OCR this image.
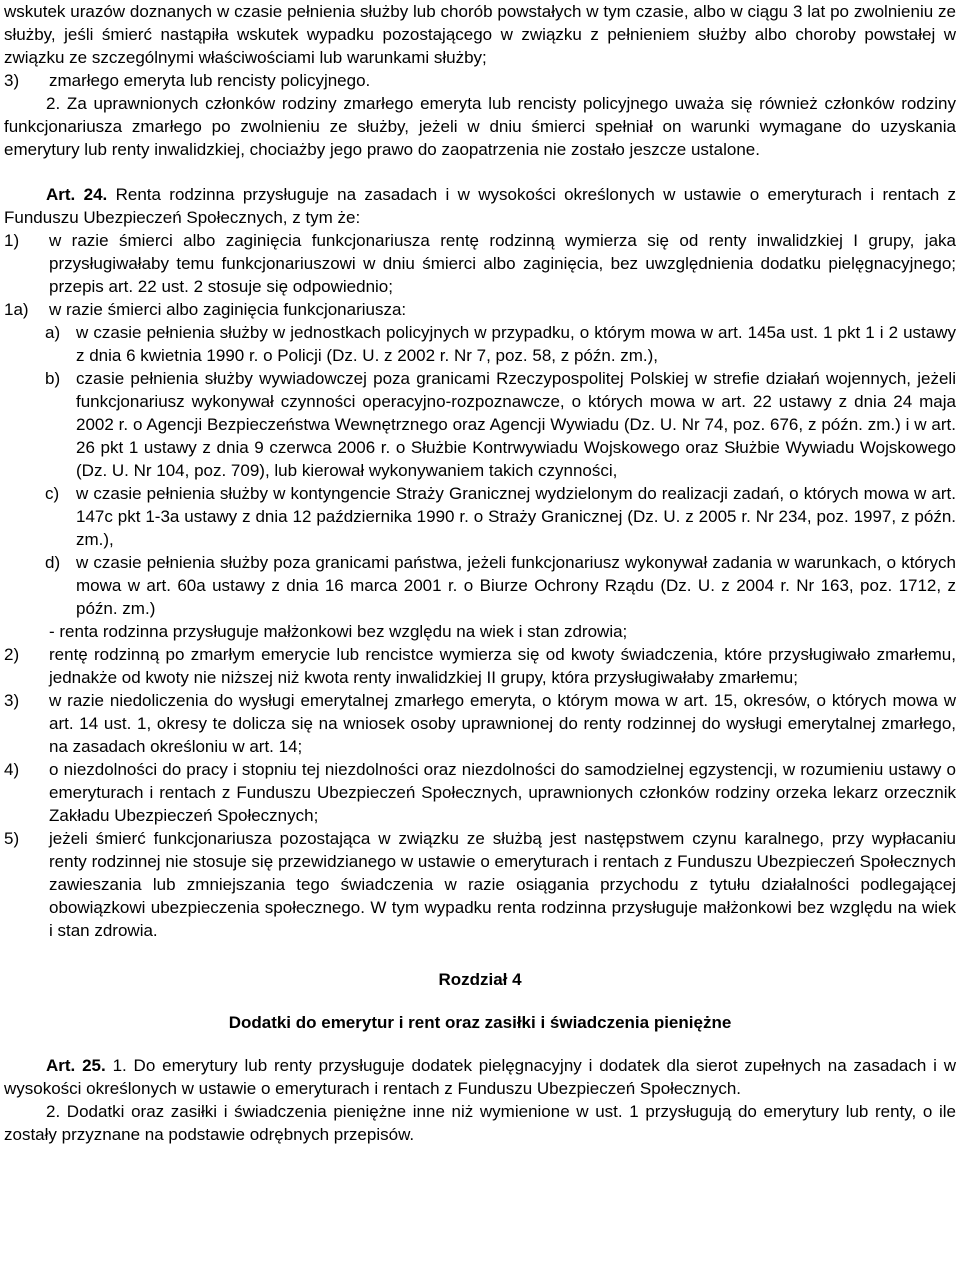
wskutek urazów doznanych w czasie pełnienia służby lub chorób powstałych w tym czasie, albo w ciągu 3 lat po zwolnieniu ze służby, jeśli śmierć nastąpiła wskutek wypadku pozostającego w związku z pełnieniem służby albo choroby powstałej w związku ze szczególnymi właściwościami lub warunkami służby;

3)	zmarłego emeryta lub rencisty policyjnego.

2. Za uprawnionych członków rodziny zmarłego emeryta lub rencisty policyjnego uważa się również członków rodziny funkcjonariusza zmarłego po zwolnieniu ze służby, jeżeli w dniu śmierci spełniał on warunki wymagane do uzyskania emerytury lub renty inwalidzkiej, chociażby jego prawo do zaopatrzenia nie zostało jeszcze ustalone.

Art. 24. Renta rodzinna przysługuje na zasadach i w wysokości określonych w ustawie o emeryturach i rentach z Funduszu Ubezpieczeń Społecznych, z tym że:

1)	w razie śmierci albo zaginięcia funkcjonariusza rentę rodzinną wymierza się od renty inwalidzkiej I grupy, jaka przysługiwałaby temu funkcjonariuszowi w dniu śmierci albo zaginięcia, bez uwzględnienia dodatku pielęgnacyjnego; przepis art. 22 ust. 2 stosuje się odpowiednio;
1a)	w razie śmierci albo zaginięcia funkcjonariusza:
a) w czasie pełnienia służby w jednostkach policyjnych w przypadku, o którym mowa w art. 145a ust. 1 pkt 1 i 2 ustawy z dnia 6 kwietnia 1990 r. o Policji (Dz. U. z 2002 r. Nr 7, poz. 58, z późn. zm.),
b) czasie pełnienia służby wywiadowczej poza granicami Rzeczypospolitej Polskiej w strefie działań wojennych, jeżeli funkcjonariusz wykonywał czynności operacyjno-rozpoznawcze, o których mowa w art. 22 ustawy z dnia 24 maja 2002 r. o Agencji Bezpieczeństwa Wewnętrznego oraz Agencji Wywiadu (Dz. U. Nr 74, poz. 676, z późn. zm.) i w art. 26 pkt 1 ustawy z dnia 9 czerwca 2006 r. o Służbie Kontrwywiadu Wojskowego oraz Służbie Wywiadu Wojskowego (Dz. U. Nr 104, poz. 709), lub kierował wykonywaniem takich czynności,
c) w czasie pełnienia służby w kontyngencie Straży Granicznej wydzielonym do realizacji zadań, o których mowa w art. 147c pkt 1-3a ustawy z dnia 12 października 1990 r. o Straży Granicznej (Dz. U. z 2005 r. Nr 234, poz. 1997, z późn. zm.),
d) w czasie pełnienia służby poza granicami państwa, jeżeli funkcjonariusz wykonywał zadania w warunkach, o których mowa w art. 60a ustawy z dnia 16 marca 2001 r. o Biurze Ochrony Rządu (Dz. U. z 2004 r. Nr 163, poz. 1712, z późn. zm.)

- renta rodzinna przysługuje małżonkowi bez względu na wiek i stan zdrowia;

2)	rentę rodzinną po zmarłym emerycie lub rencistce wymierza się od kwoty świadczenia, które przysługiwało zmarłemu, jednakże od kwoty nie niższej niż kwota renty inwalidzkiej II grupy, która przysługiwałaby zmarłemu;
3)	w razie niedoliczenia do wysługi emerytalnej zmarłego emeryta, o którym mowa w art. 15, okresów, o których mowa w art. 14 ust. 1, okresy te dolicza się na wniosek osoby uprawnionej do renty rodzinnej do wysługi emerytalnej zmarłego, na zasadach określoniu w art. 14;
4)	o niezdolności do pracy i stopniu tej niezdolności oraz niezdolności do samodzielnej egzystencji, w rozumieniu ustawy o emeryturach i rentach z Funduszu Ubezpieczeń Społecznych, uprawnionych członków rodziny orzeka lekarz orzecznik Zakładu Ubezpieczeń Społecznych;
5)	jeżeli śmierć funkcjonariusza pozostająca w związku ze służbą jest następstwem czynu karalnego, przy wypłacaniu renty rodzinnej nie stosuje się przewidzianego w ustawie o emeryturach i rentach z Funduszu Ubezpieczeń Społecznych zawieszania lub zmniejszania tego świadczenia w razie osiągania przychodu z tytułu działalności podlegającej obowiązkowi ubezpieczenia społecznego. W tym wypadku renta rodzinna przysługuje małżonkowi bez względu na wiek i stan zdrowia.

Rozdział 4

Dodatki do emerytur i rent oraz zasiłki i świadczenia pieniężne

Art. 25. 1. Do emerytury lub renty przysługuje dodatek pielęgnacyjny i dodatek dla sierot zupełnych na zasadach i w wysokości określonych w ustawie o emeryturach i rentach z Funduszu Ubezpieczeń Społecznych.

2. Dodatki oraz zasiłki i świadczenia pieniężne inne niż wymienione w ust. 1 przysługują do emerytury lub renty, o ile zostały przyznane na podstawie odrębnych przepisów.
